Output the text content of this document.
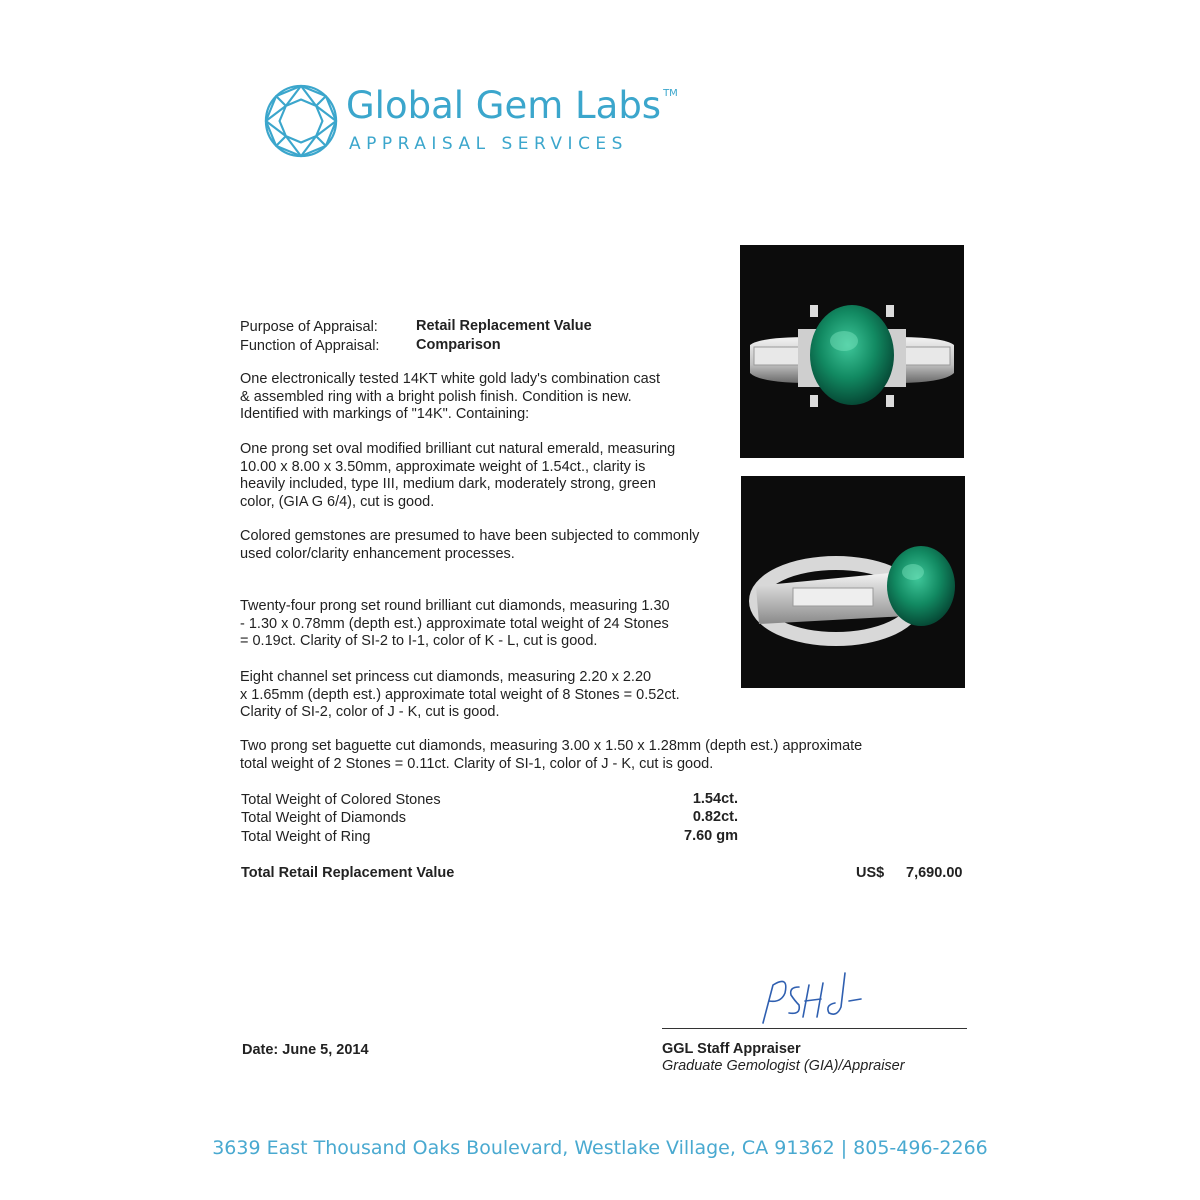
Global Gem Labs ™
APPRAISAL SERVICES
Purpose of Appraisal:	Retail Replacement Value
Function of Appraisal:	Comparison
One electronically tested 14KT white gold lady's combination cast
& assembled ring with a bright polish finish. Condition is new.
Identified with markings of "14K". Containing:
One prong set oval modified brilliant cut natural emerald, measuring
10.00 x 8.00 x 3.50mm, approximate weight of 1.54ct., clarity is
heavily included, type III, medium dark, moderately strong, green
color, (GIA G 6/4), cut is good.
Colored gemstones are presumed to have been subjected to commonly
used color/clarity enhancement processes.
Twenty-four prong set round brilliant cut diamonds, measuring 1.30
- 1.30 x 0.78mm (depth est.) approximate total weight of 24 Stones
= 0.19ct. Clarity of SI-2 to I-1, color of K - L, cut is good.
Eight channel set princess cut diamonds, measuring 2.20 x 2.20
x 1.65mm (depth est.) approximate total weight of 8 Stones = 0.52ct.
Clarity of SI-2, color of J - K, cut is good.
Two prong set baguette cut diamonds, measuring 3.00 x 1.50 x 1.28mm (depth est.) approximate
total weight of 2 Stones = 0.11ct. Clarity of SI-1, color of J - K, cut is good.
Total Weight of Colored Stones	1.54ct.
Total Weight of Diamonds	0.82ct.
Total Weight of Ring	7.60 gm
Total Retail Replacement Value	US$ 7,690.00
Date: June 5, 2014	GGL Staff Appraiser
Graduate Gemologist (GIA)/Appraiser
3639 East Thousand Oaks Boulevard, Westlake Village, CA 91362 | 805-496-2266
